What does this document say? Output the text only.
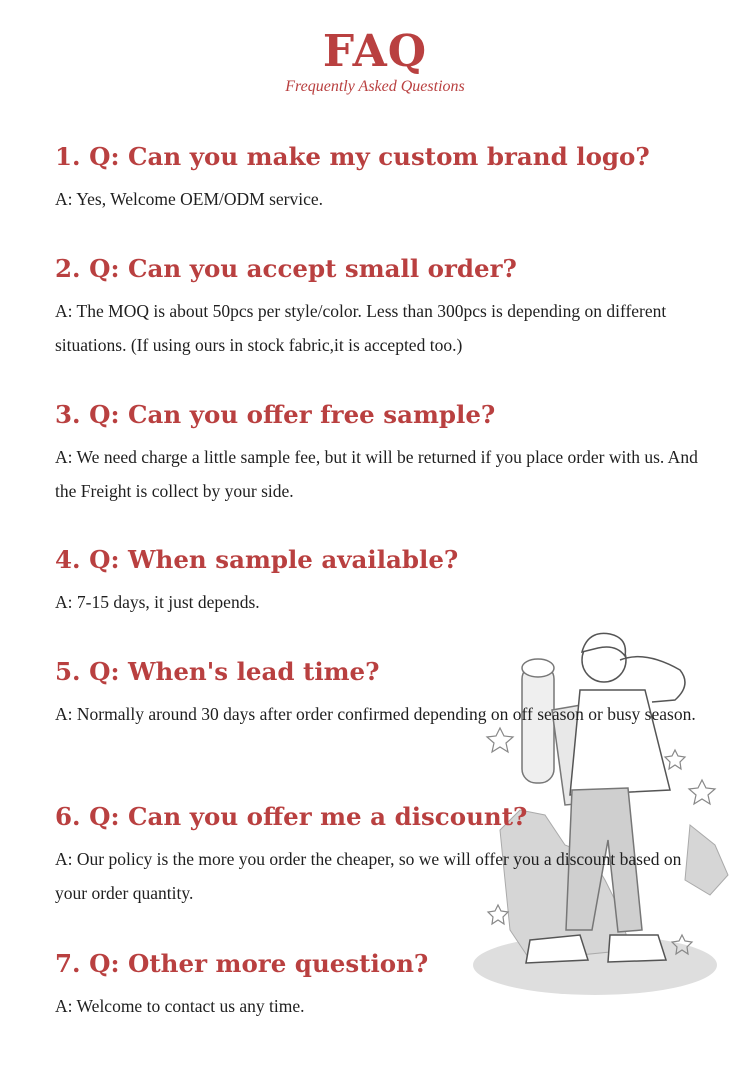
FAQ
Frequently Asked Questions
1. Q: Can you make my custom brand logo?
A: Yes, Welcome OEM/ODM service.
2. Q: Can you accept small order?
A: The MOQ is about 50pcs per style/color. Less than 300pcs is depending on different situations. (If using ours in stock fabric,it is accepted too.)
3. Q: Can you offer free sample?
A: We need charge a little sample fee, but it will be returned if you place order with us. And the Freight is collect by your side.
4. Q: When sample available?
A: 7-15 days, it just depends.
5. Q: When's lead time?
A: Normally around 30 days after order confirmed depending on off season or busy season.
6. Q: Can you offer me a discount?
A: Our policy is the more you order the cheaper, so we will offer you a discount based on your order quantity.
7. Q: Other more question?
A: Welcome to contact us any time.
